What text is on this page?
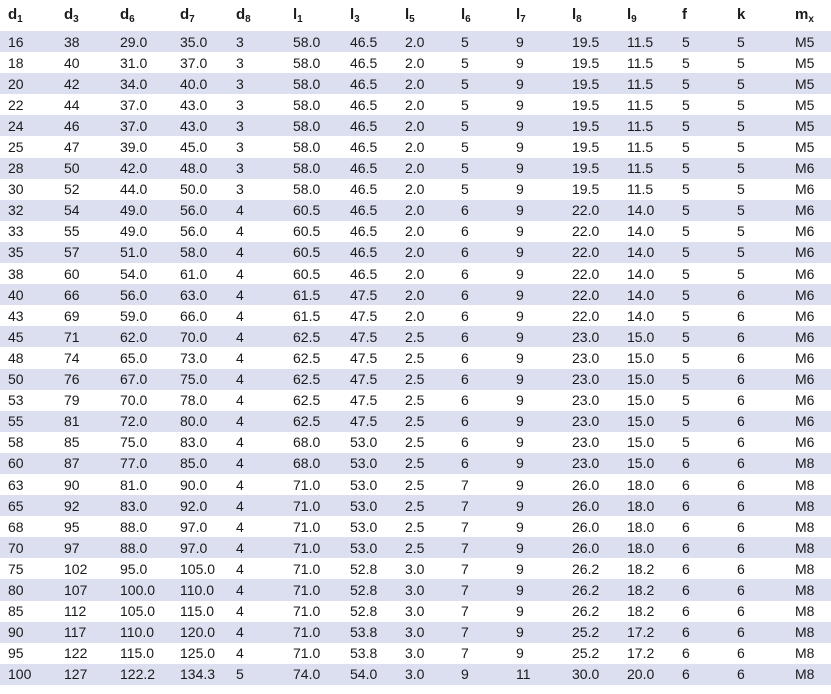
$d_1$	$d_3$	$d_6$	$d_7$	$d_8$	$l_1$	$l_3$	$l_5$	$l_6$	$l_7$	$l_8$	$l_9$	f	k	$m_x$
16	38	29.0	35.0	3	58.0	46.5	2.0	5	9	19.5	11.5	5	5	M5
18	40	31.0	37.0	3	58.0	46.5	2.0	5	9	19.5	11.5	5	5	M5
20	42	34.0	40.0	3	58.0	46.5	2.0	5	9	19.5	11.5	5	5	M5
22	44	37.0	43.0	3	58.0	46.5	2.0	5	9	19.5	11.5	5	5	M5
24	46	37.0	43.0	3	58.0	46.5	2.0	5	9	19.5	11.5	5	5	M5
25	47	39.0	45.0	3	58.0	46.5	2.0	5	9	19.5	11.5	5	5	M5
28	50	42.0	48.0	3	58.0	46.5	2.0	5	9	19.5	11.5	5	5	M6
30	52	44.0	50.0	3	58.0	46.5	2.0	5	9	19.5	11.5	5	5	M6
32	54	49.0	56.0	4	60.5	46.5	2.0	6	9	22.0	14.0	5	5	M6
33	55	49.0	56.0	4	60.5	46.5	2.0	6	9	22.0	14.0	5	5	M6
35	57	51.0	58.0	4	60.5	46.5	2.0	6	9	22.0	14.0	5	5	M6
38	60	54.0	61.0	4	60.5	46.5	2.0	6	9	22.0	14.0	5	5	M6
40	66	56.0	63.0	4	61.5	47.5	2.0	6	9	22.0	14.0	5	6	M6
43	69	59.0	66.0	4	61.5	47.5	2.0	6	9	22.0	14.0	5	6	M6
45	71	62.0	70.0	4	62.5	47.5	2.5	6	9	23.0	15.0	5	6	M6
48	74	65.0	73.0	4	62.5	47.5	2.5	6	9	23.0	15.0	5	6	M6
50	76	67.0	75.0	4	62.5	47.5	2.5	6	9	23.0	15.0	5	6	M6
53	79	70.0	78.0	4	62.5	47.5	2.5	6	9	23.0	15.0	5	6	M6
55	81	72.0	80.0	4	62.5	47.5	2.5	6	9	23.0	15.0	5	6	M6
58	85	75.0	83.0	4	68.0	53.0	2.5	6	9	23.0	15.0	5	6	M6
60	87	77.0	85.0	4	68.0	53.0	2.5	6	9	23.0	15.0	6	6	M8
63	90	81.0	90.0	4	71.0	53.0	2.5	7	9	26.0	18.0	6	6	M8
65	92	83.0	92.0	4	71.0	53.0	2.5	7	9	26.0	18.0	6	6	M8
68	95	88.0	97.0	4	71.0	53.0	2.5	7	9	26.0	18.0	6	6	M8
70	97	88.0	97.0	4	71.0	53.0	2.5	7	9	26.0	18.0	6	6	M8
75	102	95.0	105.0	4	71.0	52.8	3.0	7	9	26.2	18.2	6	6	M8
80	107	100.0	110.0	4	71.0	52.8	3.0	7	9	26.2	18.2	6	6	M8
85	112	105.0	115.0	4	71.0	52.8	3.0	7	9	26.2	18.2	6	6	M8
90	117	110.0	120.0	4	71.0	53.8	3.0	7	9	25.2	17.2	6	6	M8
95	122	115.0	125.0	4	71.0	53.8	3.0	7	9	25.2	17.2	6	6	M8
100	127	122.2	134.3	5	74.0	54.0	3.0	9	11	30.0	20.0	6	6	M8
